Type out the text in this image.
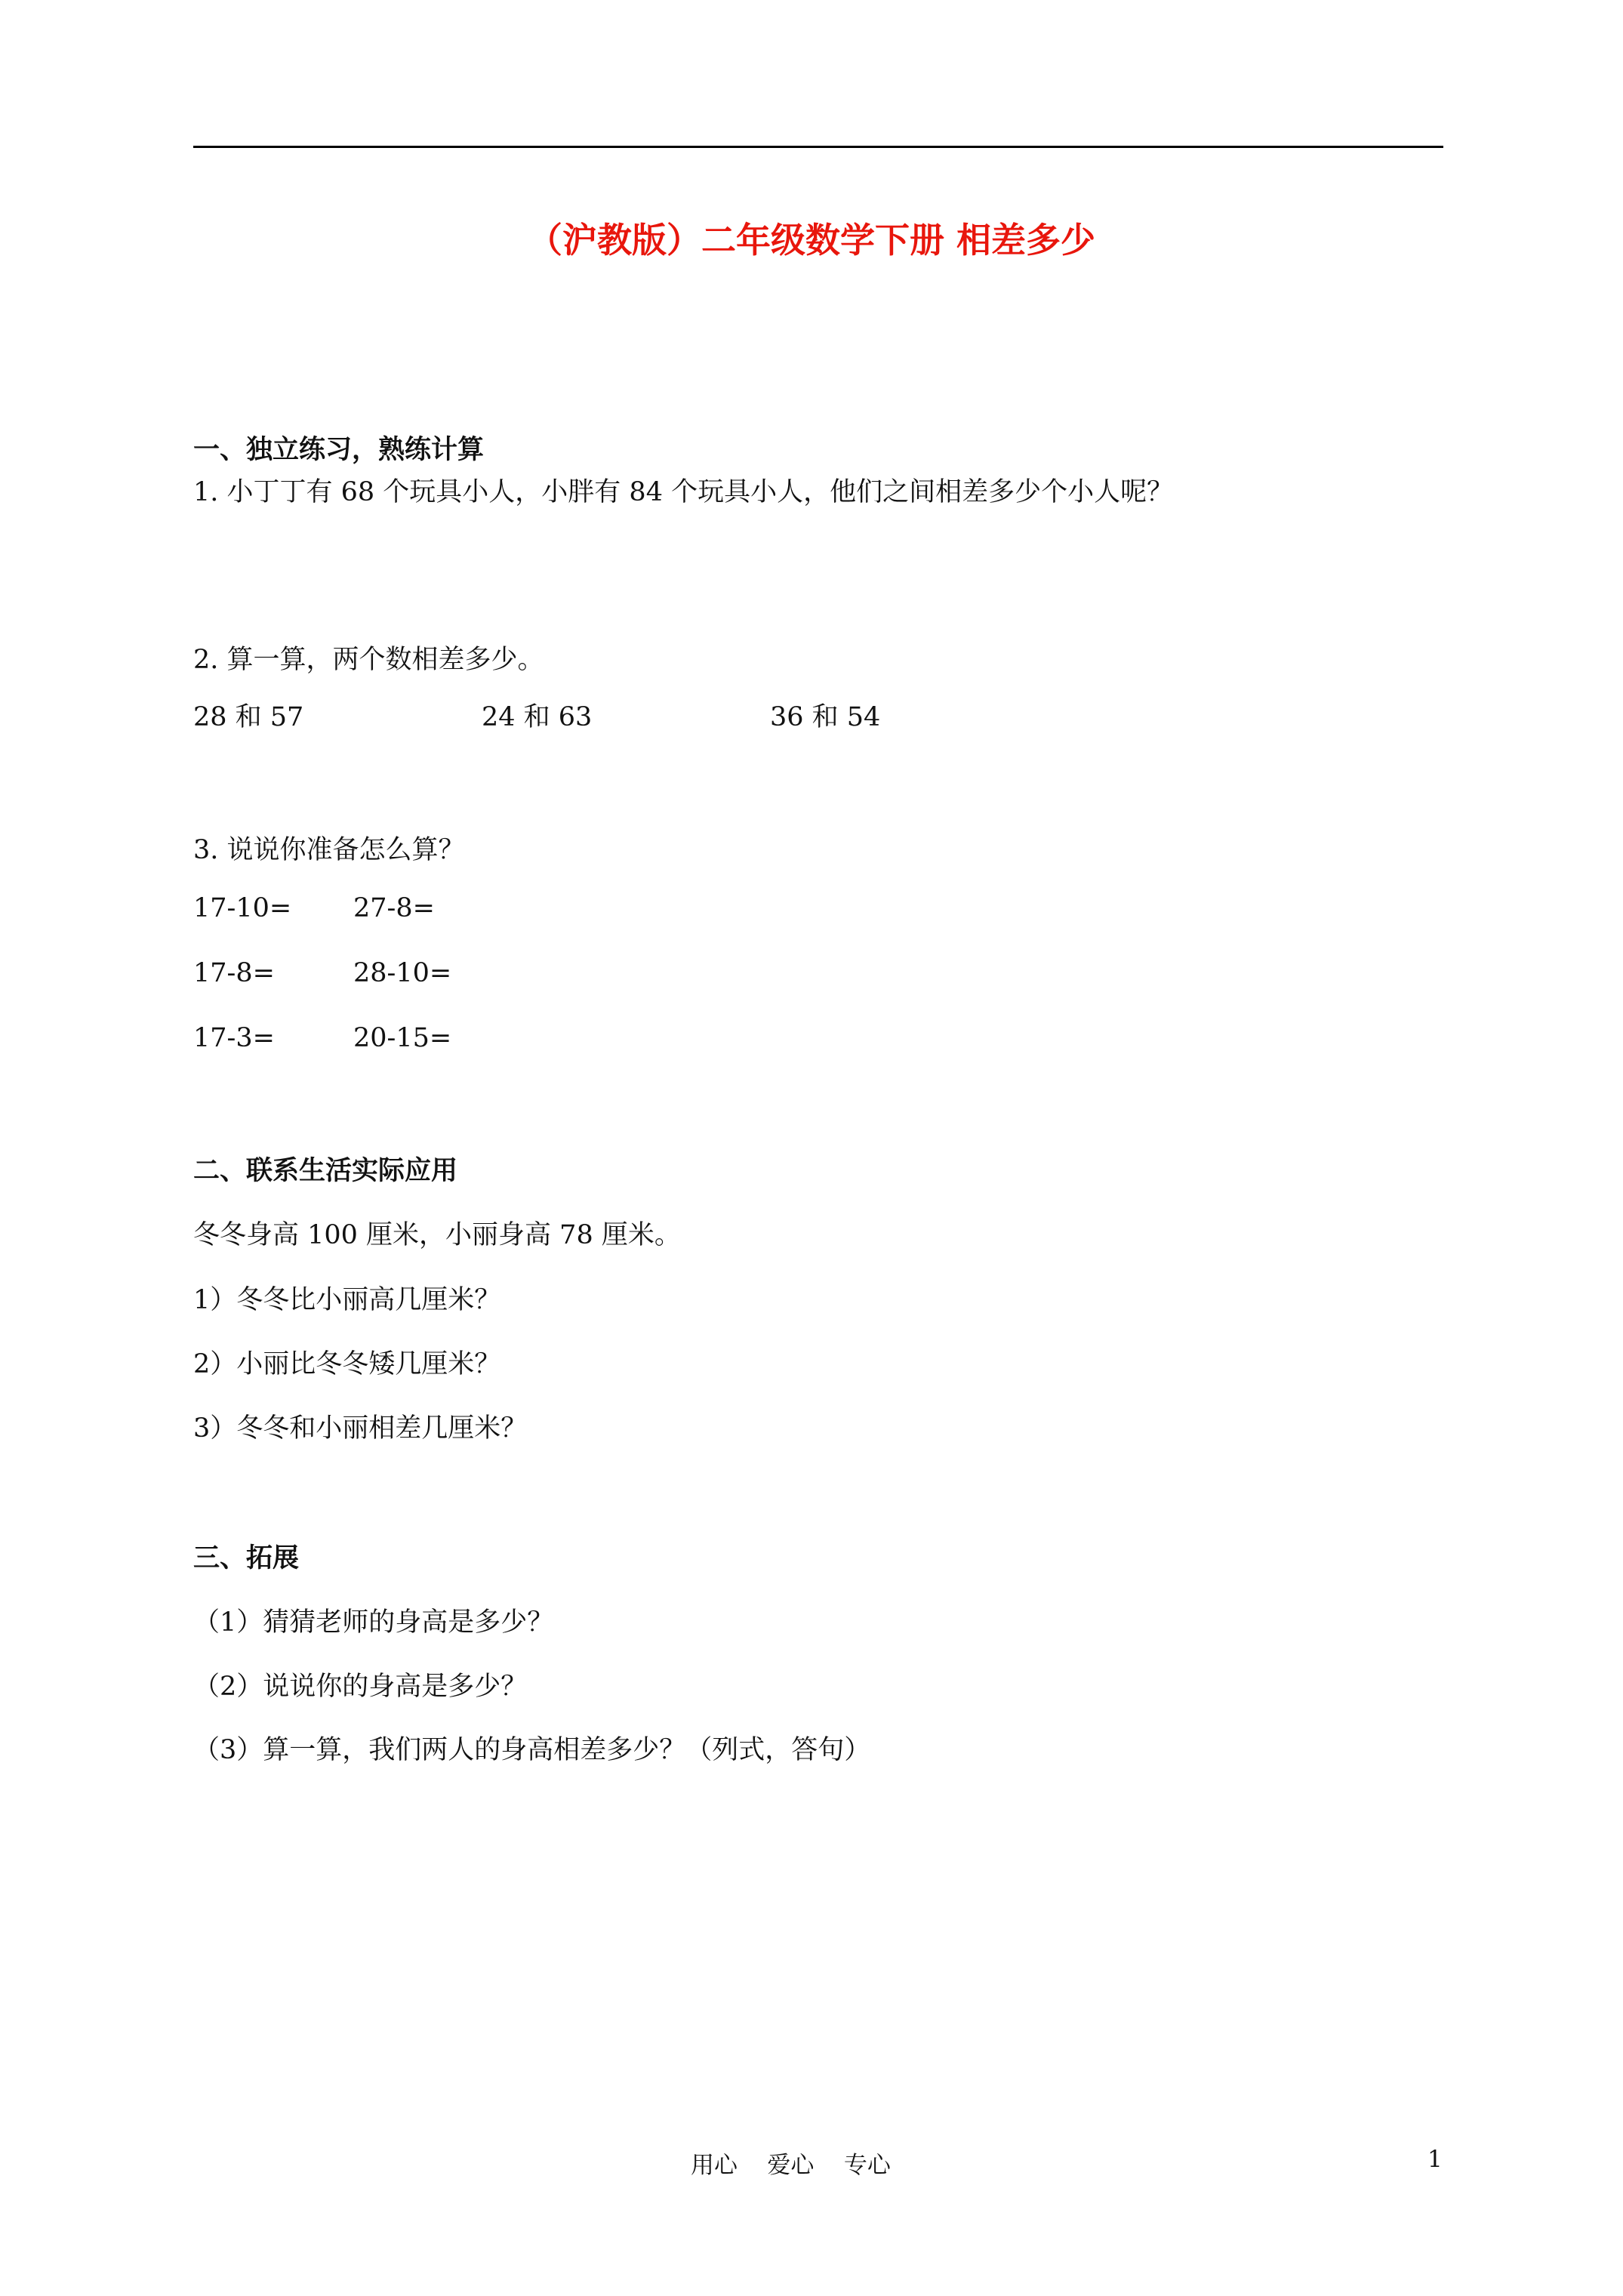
（沪教版）二年级数学下册 相差多少
一、独立练习，熟练计算
1. 小丁丁有 68 个玩具小人，小胖有 84 个玩具小人，他们之间相差多少个小人呢？
2. 算一算，两个数相差多少。
28 和 57	24 和 63	36 和 54
3. 说说你准备怎么算？
17-10= 27-8=
17-8=	28-10=
17-3=	20-15=
二、联系生活实际应用
冬冬身高 100 厘米，小丽身高 78 厘米。
1）冬冬比小丽高几厘米？
2）小丽比冬冬矮几厘米？
3）冬冬和小丽相差几厘米？
三、拓展
（1）猜猜老师的身高是多少？
（2）说说你的身高是多少？
（3）算一算，我们两人的身高相差多少？（列式，答句）
用心    爱心    专心	1
